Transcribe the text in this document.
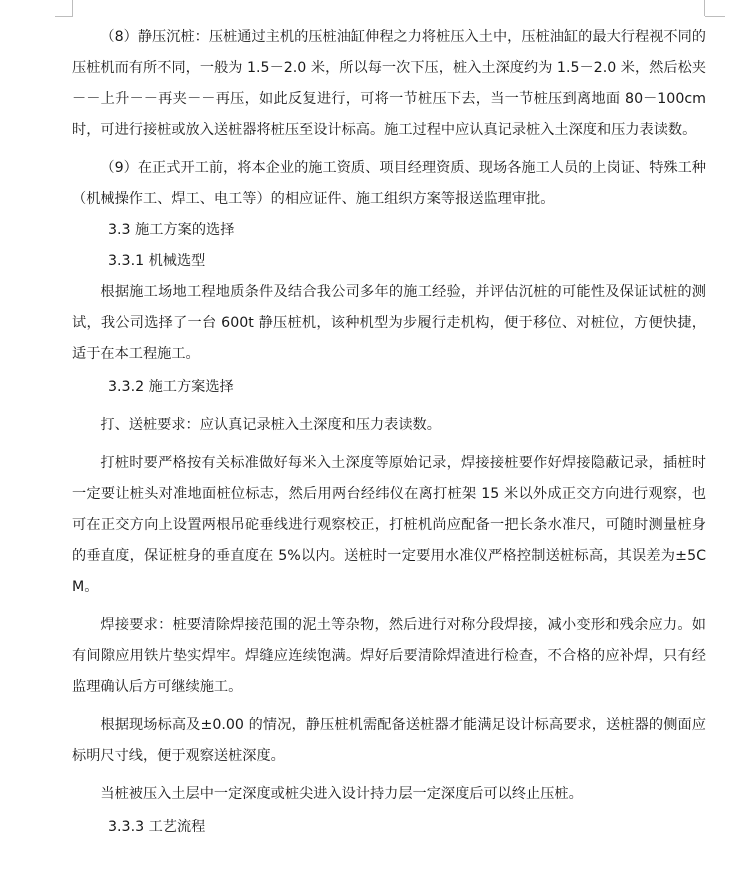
（8）静压沉桩：压桩通过主机的压桩油缸伸程之力将桩压入土中，压桩油缸的最大行程视不同的压桩机而有所不同，一般为 1.5－2.0 米，所以每一次下压，桩入土深度约为 1.5－2.0 米，然后松夹－－上升－－再夹－－再压，如此反复进行，可将一节桩压下去，当一节桩压到离地面 80－100cm 时，可进行接桩或放入送桩器将桩压至设计标高。施工过程中应认真记录桩入土深度和压力表读数。

（9）在正式开工前，将本企业的施工资质、项目经理资质、现场各施工人员的上岗证、特殊工种（机械操作工、焊工、电工等）的相应证件、施工组织方案等报送监理审批。

3.3 施工方案的选择

3.3.1 机械选型

根据施工场地工程地质条件及结合我公司多年的施工经验，并评估沉桩的可能性及保证试桩的测试，我公司选择了一台 600t 静压桩机，该种机型为步履行走机构，便于移位、对桩位，方便快捷，适于在本工程施工。

3.3.2 施工方案选择

打、送桩要求：应认真记录桩入土深度和压力表读数。

打桩时要严格按有关标准做好每米入土深度等原始记录，焊接接桩要作好焊接隐蔽记录，插桩时一定要让桩头对准地面桩位标志，然后用两台经纬仪在离打桩架 15 米以外成正交方向进行观察，也可在正交方向上设置两根吊砣垂线进行观察校正，打桩机尚应配备一把长条水准尺，可随时测量桩身的垂直度，保证桩身的垂直度在 5%以内。送桩时一定要用水准仪严格控制送桩标高，其误差为±5CM。

焊接要求：桩要清除焊接范围的泥土等杂物，然后进行对称分段焊接，减小变形和残余应力。如有间隙应用铁片垫实焊牢。焊缝应连续饱满。焊好后要清除焊渣进行检查，不合格的应补焊，只有经监理确认后方可继续施工。

根据现场标高及±0.00 的情况，静压桩机需配备送桩器才能满足设计标高要求，送桩器的侧面应标明尺寸线，便于观察送桩深度。

当桩被压入土层中一定深度或桩尖进入设计持力层一定深度后可以终止压桩。

3.3.3 工艺流程
